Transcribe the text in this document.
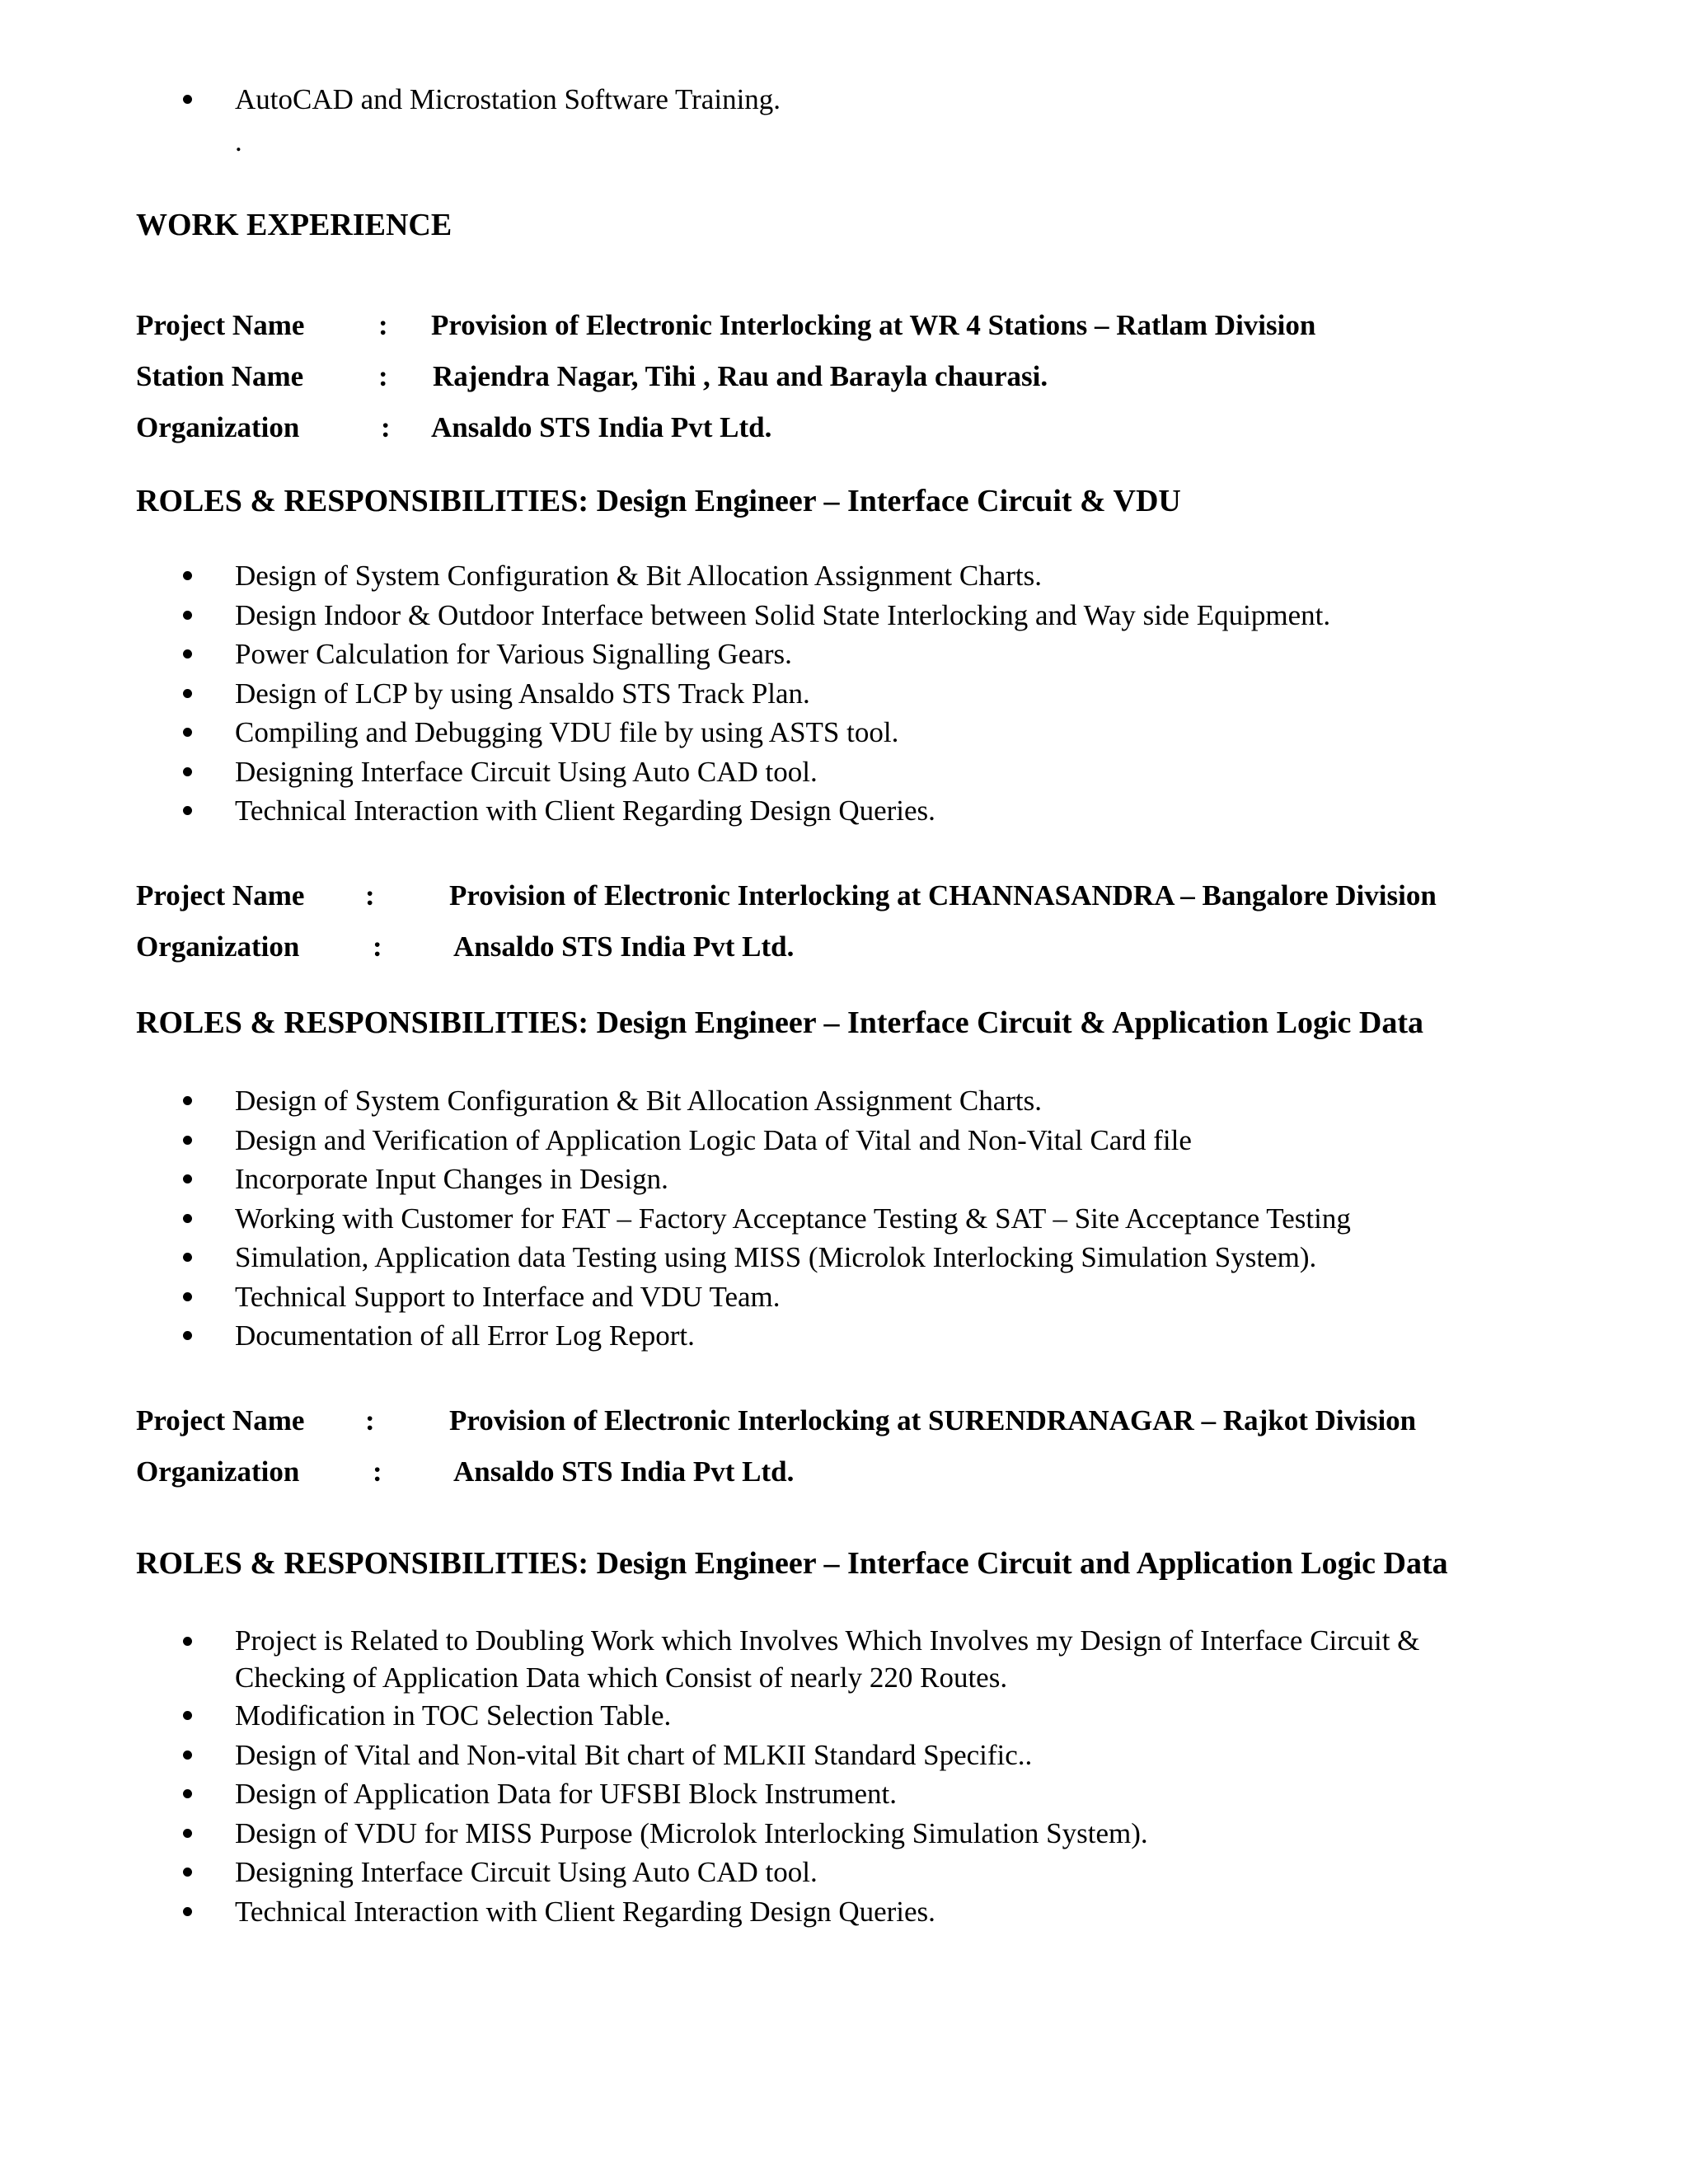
AutoCAD and Microstation Software Training.
.
WORK EXPERIENCE
Project Name	: Provision of Electronic Interlocking at WR 4 Stations – Ratlam Division
Station Name	: Rajendra Nagar, Tihi , Rau and Barayla chaurasi.
Organization	: Ansaldo STS India Pvt Ltd.
ROLES & RESPONSIBILITIES: Design Engineer – Interface Circuit & VDU
Design of System Configuration & Bit Allocation Assignment Charts.
Design Indoor & Outdoor Interface between Solid State Interlocking and Way side Equipment.
Power Calculation for Various Signalling Gears.
Design of LCP by using Ansaldo STS Track Plan.
Compiling and Debugging VDU file by using ASTS tool.
Designing Interface Circuit Using Auto CAD tool.
Technical Interaction with Client Regarding Design Queries.
Project Name :	Provision of Electronic Interlocking at CHANNASANDRA – Bangalore Division
Organization	: Ansaldo STS India Pvt Ltd.
ROLES & RESPONSIBILITIES: Design Engineer – Interface Circuit & Application Logic Data
Design of System Configuration & Bit Allocation Assignment Charts.
Design and Verification of Application Logic Data of Vital and Non-Vital Card file
Incorporate Input Changes in Design.
Working with Customer for FAT – Factory Acceptance Testing & SAT – Site Acceptance Testing
Simulation, Application data Testing using MISS (Microlok Interlocking Simulation System).
Technical Support to Interface and VDU Team.
Documentation of all Error Log Report.
Project Name :	Provision of Electronic Interlocking at SURENDRANAGAR – Rajkot Division
Organization	: Ansaldo STS India Pvt Ltd.
ROLES & RESPONSIBILITIES: Design Engineer – Interface Circuit and Application Logic Data
Project is Related to Doubling Work which Involves Which Involves my Design of Interface Circuit & Checking of Application Data which Consist of nearly 220 Routes.
Modification in TOC Selection Table.
Design of Vital and Non-vital Bit chart of MLKII Standard Specific..
Design of Application Data for UFSBI Block Instrument.
Design of VDU for MISS Purpose (Microlok Interlocking Simulation System).
Designing Interface Circuit Using Auto CAD tool.
Technical Interaction with Client Regarding Design Queries.
